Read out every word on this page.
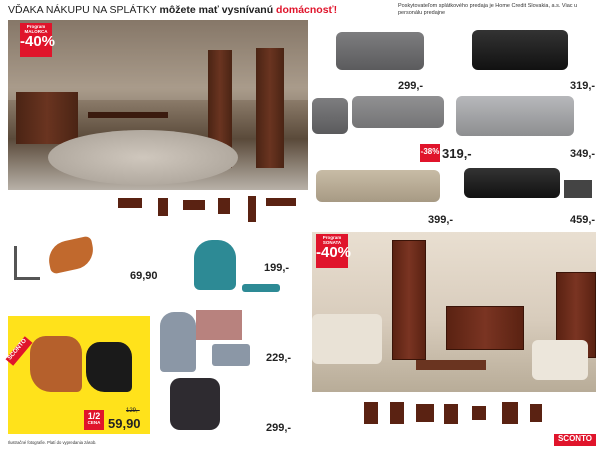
VĎAKA NÁKUPU NA SPLÁTKY môžete mať vysnívanú domácnosť!	Poskytovateľom splátkového predaja je Home Credit Slovakia, a.s. Viac u personálu predajne
Program MALORCA
-40%
69,90
199,-
229,-
299,-
1/2
CENA
129,-
59,90
SCONTO
Ilustračné fotografie. Platí do vypredania zásob.
299,-	319,-
-38% 319,-	349,-
399,-	459,-
Program SONATA
-40%
SCONTO
